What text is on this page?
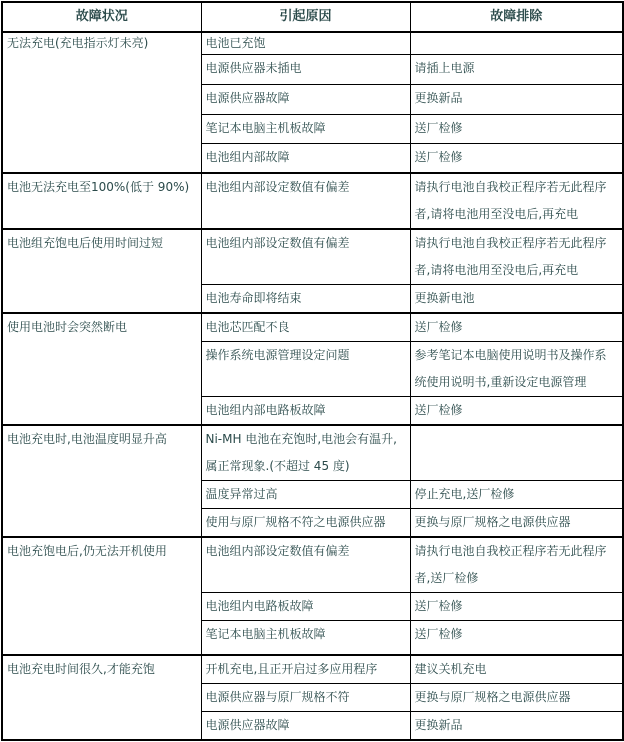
故障状况	引起原因	故障排除
无法充电(充电指示灯未亮)	电池已充饱	
	电源供应器未插电	请插上电源
	电源供应器故障	更换新品
	笔记本电脑主机板故障	送厂检修
	电池组内部故障	送厂检修
电池无法充电至100%(低于 90%)	电池组内部设定数值有偏差	请执行电池自我校正程序若无此程序者,请将电池用至没电后,再充电
电池组充饱电后使用时间过短	电池组内部设定数值有偏差	请执行电池自我校正程序若无此程序者,请将电池用至没电后,再充电
	电池寿命即将结束	更换新电池
使用电池时会突然断电	电池芯匹配不良	送厂检修
	操作系统电源管理设定问题	参考笔记本电脑使用说明书及操作系统使用说明书,重新设定电源管理
	电池组内部电路板故障	送厂检修
电池充电时,电池温度明显升高	Ni-MH 电池在充饱时,电池会有温升,属正常现象.(不超过 45 度)	
	温度异常过高	停止充电,送厂检修
	使用与原厂规格不符之电源供应器	更换与原厂规格之电源供应器
电池充饱电后,仍无法开机使用	电池组内部设定数值有偏差	请执行电池自我校正程序若无此程序者,送厂检修
	电池组内电路板故障	送厂检修
	笔记本电脑主机板故障	送厂检修
电池充电时间很久,才能充饱	开机充电,且正开启过多应用程序	建议关机充电
	电源供应器与原厂规格不符	更换与原厂规格之电源供应器
	电源供应器故障	更换新品
